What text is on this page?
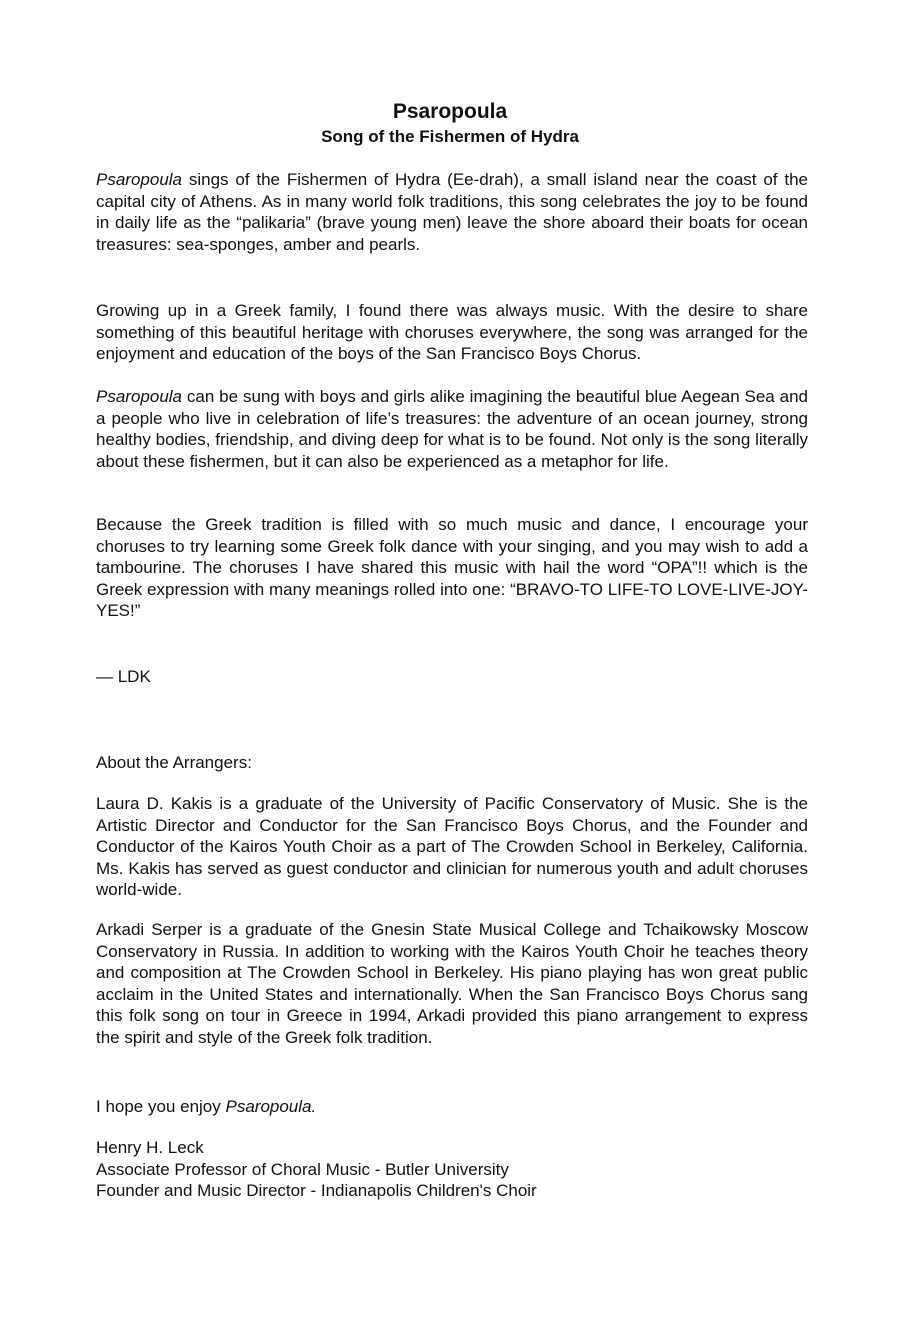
Psaropoula
Song of the Fishermen of Hydra

Psaropoula sings of the Fishermen of Hydra (Ee-drah), a small island near the coast of the capital city of Athens. As in many world folk traditions, this song celebrates the joy to be found in daily life as the “palikaria” (brave young men) leave the shore aboard their boats for ocean treasures: sea-sponges, amber and pearls.

Growing up in a Greek family, I found there was always music. With the desire to share something of this beautiful heritage with choruses everywhere, the song was arranged for the enjoyment and education of the boys of the San Francisco Boys Chorus.

Psaropoula can be sung with boys and girls alike imagining the beautiful blue Aegean Sea and a people who live in celebration of life’s treasures: the adventure of an ocean journey, strong healthy bodies, friendship, and diving deep for what is to be found. Not only is the song literally about these fishermen, but it can also be experienced as a metaphor for life.

Because the Greek tradition is filled with so much music and dance, I encourage your choruses to try learning some Greek folk dance with your singing, and you may wish to add a tambourine. The choruses I have shared this music with hail the word “OPA”!! which is the Greek expression with many meanings rolled into one: “BRAVO-TO LIFE-TO LOVE-LIVE-JOY-YES!”

— LDK

About the Arrangers:

Laura D. Kakis is a graduate of the University of Pacific Conservatory of Music. She is the Artistic Director and Conductor for the San Francisco Boys Chorus, and the Founder and Conductor of the Kairos Youth Choir as a part of The Crowden School in Berkeley, California. Ms. Kakis has served as guest conductor and clinician for numerous youth and adult choruses world-wide.

Arkadi Serper is a graduate of the Gnesin State Musical College and Tchaikowsky Moscow Conservatory in Russia. In addition to working with the Kairos Youth Choir he teaches theory and composition at The Crowden School in Berkeley. His piano playing has won great public acclaim in the United States and internationally. When the San Francisco Boys Chorus sang this folk song on tour in Greece in 1994, Arkadi provided this piano arrangement to express the spirit and style of the Greek folk tradition.

I hope you enjoy Psaropoula.

Henry H. Leck
Associate Professor of Choral Music - Butler University
Founder and Music Director - Indianapolis Children's Choir
